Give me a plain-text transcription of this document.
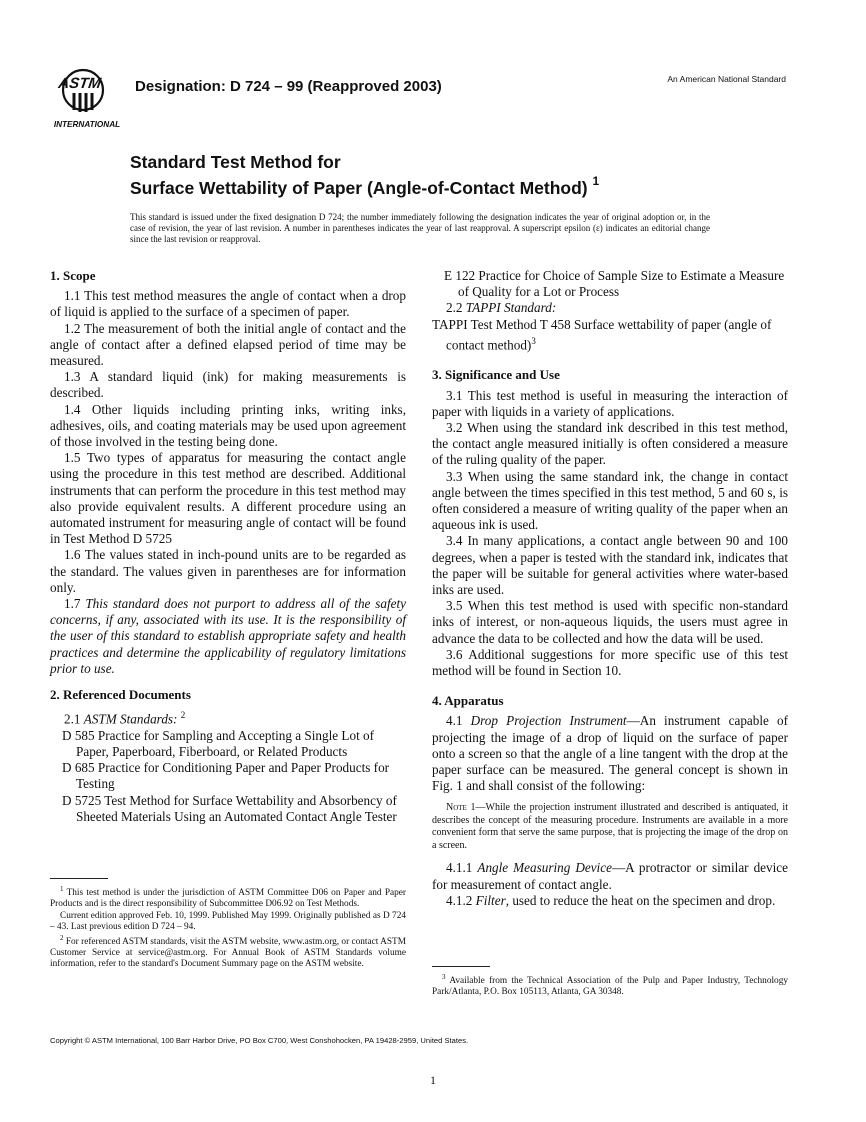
ASTM
INTERNATIONAL
Designation: D 724 – 99 (Reapproved 2003)	An American National Standard
Standard Test Method for
Surface Wettability of Paper (Angle-of-Contact Method) $^1$
This standard is issued under the fixed designation D 724; the number immediately following the designation indicates the year of original adoption or, in the case of revision, the year of last revision. A number in parentheses indicates the year of last reapproval. A superscript epsilon (ε) indicates an editorial change since the last revision or reapproval.
1. Scope

1.1 This test method measures the angle of contact when a drop of liquid is applied to the surface of a specimen of paper.

1.2 The measurement of both the initial angle of contact and the angle of contact after a defined elapsed period of time may be measured.

1.3 A standard liquid (ink) for making measurements is described.

1.4 Other liquids including printing inks, writing inks, adhesives, oils, and coating materials may be used upon agreement of those involved in the testing being done.

1.5 Two types of apparatus for measuring the contact angle using the procedure in this test method are described. Additional instruments that can perform the procedure in this test method may also provide equivalent results. A different procedure using an automated instrument for measuring angle of contact will be found in Test Method D 5725

1.6 The values stated in inch-pound units are to be regarded as the standard. The values given in parentheses are for information only.

1.7 This standard does not purport to address all of the safety concerns, if any, associated with its use. It is the responsibility of the user of this standard to establish appropriate safety and health practices and determine the applicability of regulatory limitations prior to use.

2. Referenced Documents

2.1 ASTM Standards: $^2$

D 585 Practice for Sampling and Accepting a Single Lot of Paper, Paperboard, Fiberboard, or Related Products

D 685 Practice for Conditioning Paper and Paper Products for Testing

D 5725 Test Method for Surface Wettability and Absorbency of Sheeted Materials Using an Automated Contact Angle Tester

E 122 Practice for Choice of Sample Size to Estimate a Measure of Quality for a Lot or Process

2.2 TAPPI Standard:

TAPPI Test Method T 458 Surface wettability of paper (angle of contact method)$^3$

3. Significance and Use

3.1 This test method is useful in measuring the interaction of paper with liquids in a variety of applications.

3.2 When using the standard ink described in this test method, the contact angle measured initially is often considered a measure of the ruling quality of the paper.

3.3 When using the same standard ink, the change in contact angle between the times specified in this test method, 5 and 60 s, is often considered a measure of writing quality of the paper when an aqueous ink is used.

3.4 In many applications, a contact angle between 90 and 100 degrees, when a paper is tested with the standard ink, indicates that the paper will be suitable for general activities where water-based inks are used.

3.5 When this test method is used with specific non-standard inks of interest, or non-aqueous liquids, the users must agree in advance the data to be collected and how the data will be used.

3.6 Additional suggestions for more specific use of this test method will be found in Section 10.

4. Apparatus

4.1 Drop Projection Instrument—An instrument capable of projecting the image of a drop of liquid on the surface of paper onto a screen so that the angle of a line tangent with the drop at the paper surface can be measured. The general concept is shown in Fig. 1 and shall consist of the following:

Note 1—While the projection instrument illustrated and described is antiquated, it describes the concept of the measuring procedure. Instruments are available in a more convenient form that serve the same purpose, that is projecting the image of the drop on a screen.

4.1.1 Angle Measuring Device—A protractor or similar device for measurement of contact angle.

4.1.2 Filter, used to reduce the heat on the specimen and drop.

$^1$ This test method is under the jurisdiction of ASTM Committee D06 on Paper and Paper Products and is the direct responsibility of Subcommittee D06.92 on Test Methods.

Current edition approved Feb. 10, 1999. Published May 1999. Originally published as D 724 – 43. Last previous edition D 724 – 94.

$^2$ For referenced ASTM standards, visit the ASTM website, www.astm.org, or contact ASTM Customer Service at service@astm.org. For Annual Book of ASTM Standards volume information, refer to the standard's Document Summary page on the ASTM website.

$^3$ Available from the Technical Association of the Pulp and Paper Industry, Technology Park/Atlanta, P.O. Box 105113, Atlanta, GA 30348.

Copyright © ASTM International, 100 Barr Harbor Drive, PO Box C700, West Conshohocken, PA 19428-2959, United States.
1
